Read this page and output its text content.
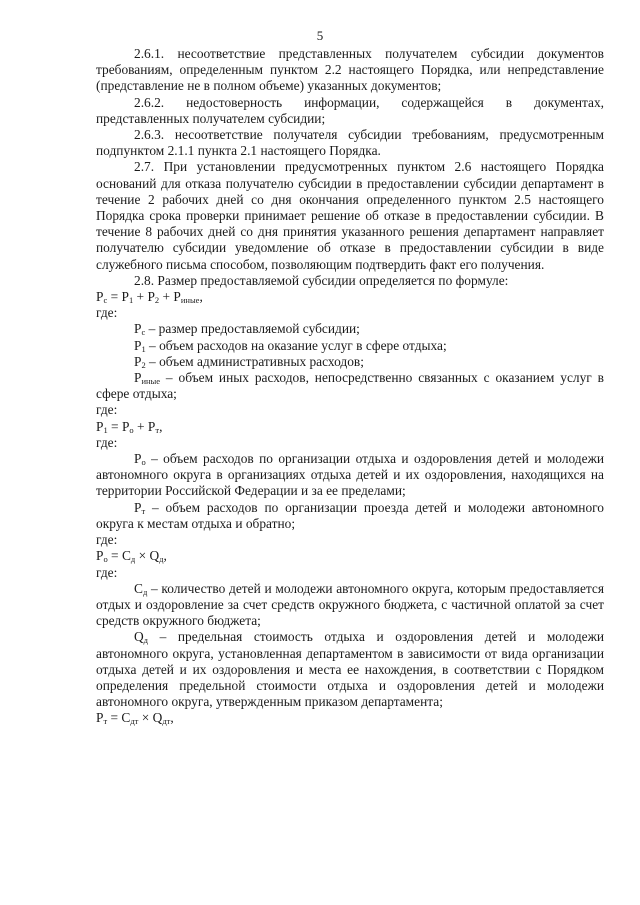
5

2.6.1. несоответствие представленных получателем субсидии документов требованиям, определенным пунктом 2.2 настоящего Порядка, или непредставление (представление не в полном объеме) указанных документов;

2.6.2. недостоверность информации, содержащейся в документах, представленных получателем субсидии;

2.6.3. несоответствие получателя субсидии требованиям, предусмотренным подпунктом 2.1.1 пункта 2.1 настоящего Порядка.

2.7. При установлении предусмотренных пунктом 2.6 настоящего Порядка оснований для отказа получателю субсидии в предоставлении субсидии департамент в течение 2 рабочих дней со дня окончания определенного пунктом 2.5 настоящего Порядка срока проверки принимает решение об отказе в предоставлении субсидии. В течение 8 рабочих дней со дня принятия указанного решения департамент направляет получателю субсидии уведомление об отказе в предоставлении субсидии в виде служебного письма способом, позволяющим подтвердить факт его получения.

2.8. Размер предоставляемой субсидии определяется по формуле:

$P_c = P_1 + P_2 + P_{иные}$,

где:

$P_c$ – размер предоставляемой субсидии;

$P_1$ – объем расходов на оказание услуг в сфере отдыха;

$P_2$ – объем административных расходов;

$P_{иные}$ – объем иных расходов, непосредственно связанных с оказанием услуг в сфере отдыха;

где:

$P_1 = P_о + P_т$,

где:

$P_о$ – объем расходов по организации отдыха и оздоровления детей и молодежи автономного округа в организациях отдыха детей и их оздоровления, находящихся на территории Российской Федерации и за ее пределами;

$P_т$ – объем расходов по организации проезда детей и молодежи автономного округа к местам отдыха и обратно;

где:

$P_о = C_д \times Q_д$,

где:

$C_д$ – количество детей и молодежи автономного округа, которым предоставляется отдых и оздоровление за счет средств окружного бюджета, с частичной оплатой за счет средств окружного бюджета;

$Q_д$ – предельная стоимость отдыха и оздоровления детей и молодежи автономного округа, установленная департаментом в зависимости от вида организации отдыха детей и их оздоровления и места ее нахождения, в соответствии с Порядком определения предельной стоимости отдыха и оздоровления детей и молодежи автономного округа, утвержденным приказом департамента;

$P_т = C_{дт} \times Q_{дт}$,
